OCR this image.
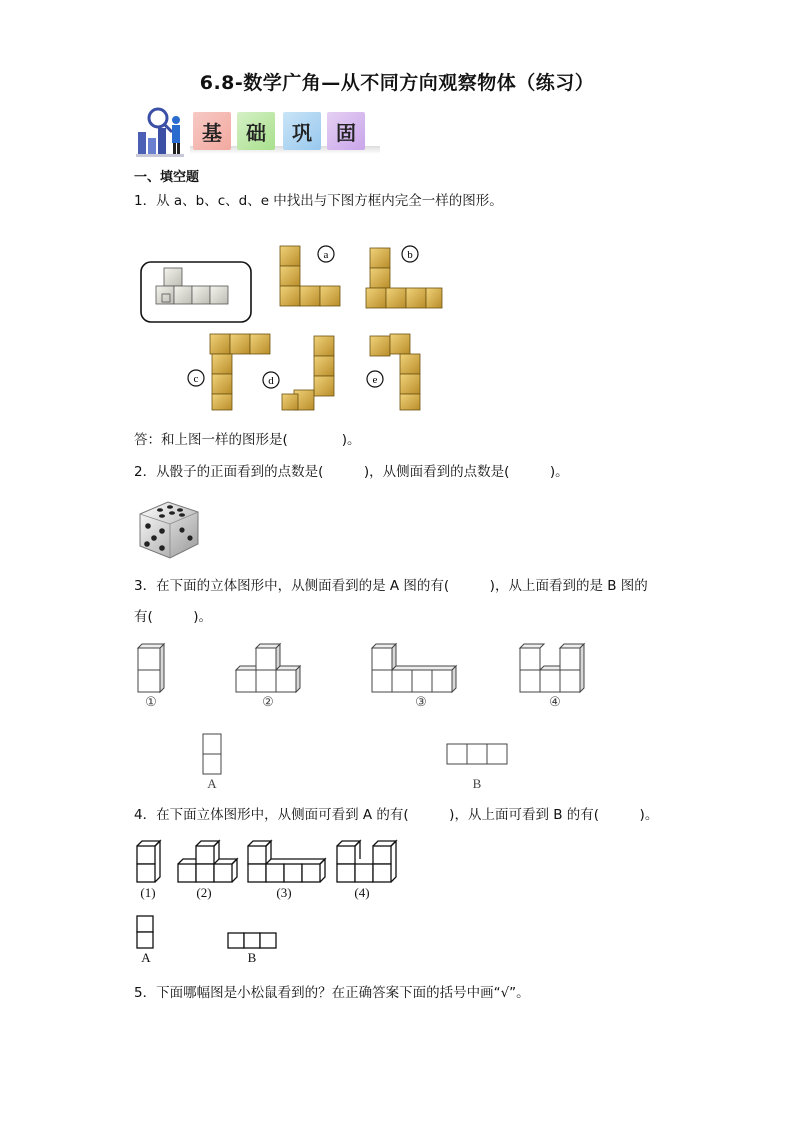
6.8-数学广角—从不同方向观察物体（练习）
基	础	巩	固
一、填空题
1．从 a、b、c、d、e 中找出与下图方框内完全一样的图形。
a	b
c	d	e
答：和上图一样的图形是(　　　　)。
2．从骰子的正面看到的点数是(　　　)，从侧面看到的点数是(　　　)。
3．在下面的立体图形中，从侧面看到的是 A 图的有(　　　)，从上面看到的是 B 图的
有(　　　)。
①	②	③	④
A	B
4．在下面立体图形中，从侧面可看到 A 的有(　　　)，从上面可看到 B 的有(　　　)。
(1)	(2)	(3)	(4)
A	B
5．下面哪幅图是小松鼠看到的？在正确答案下面的括号中画“√”。
